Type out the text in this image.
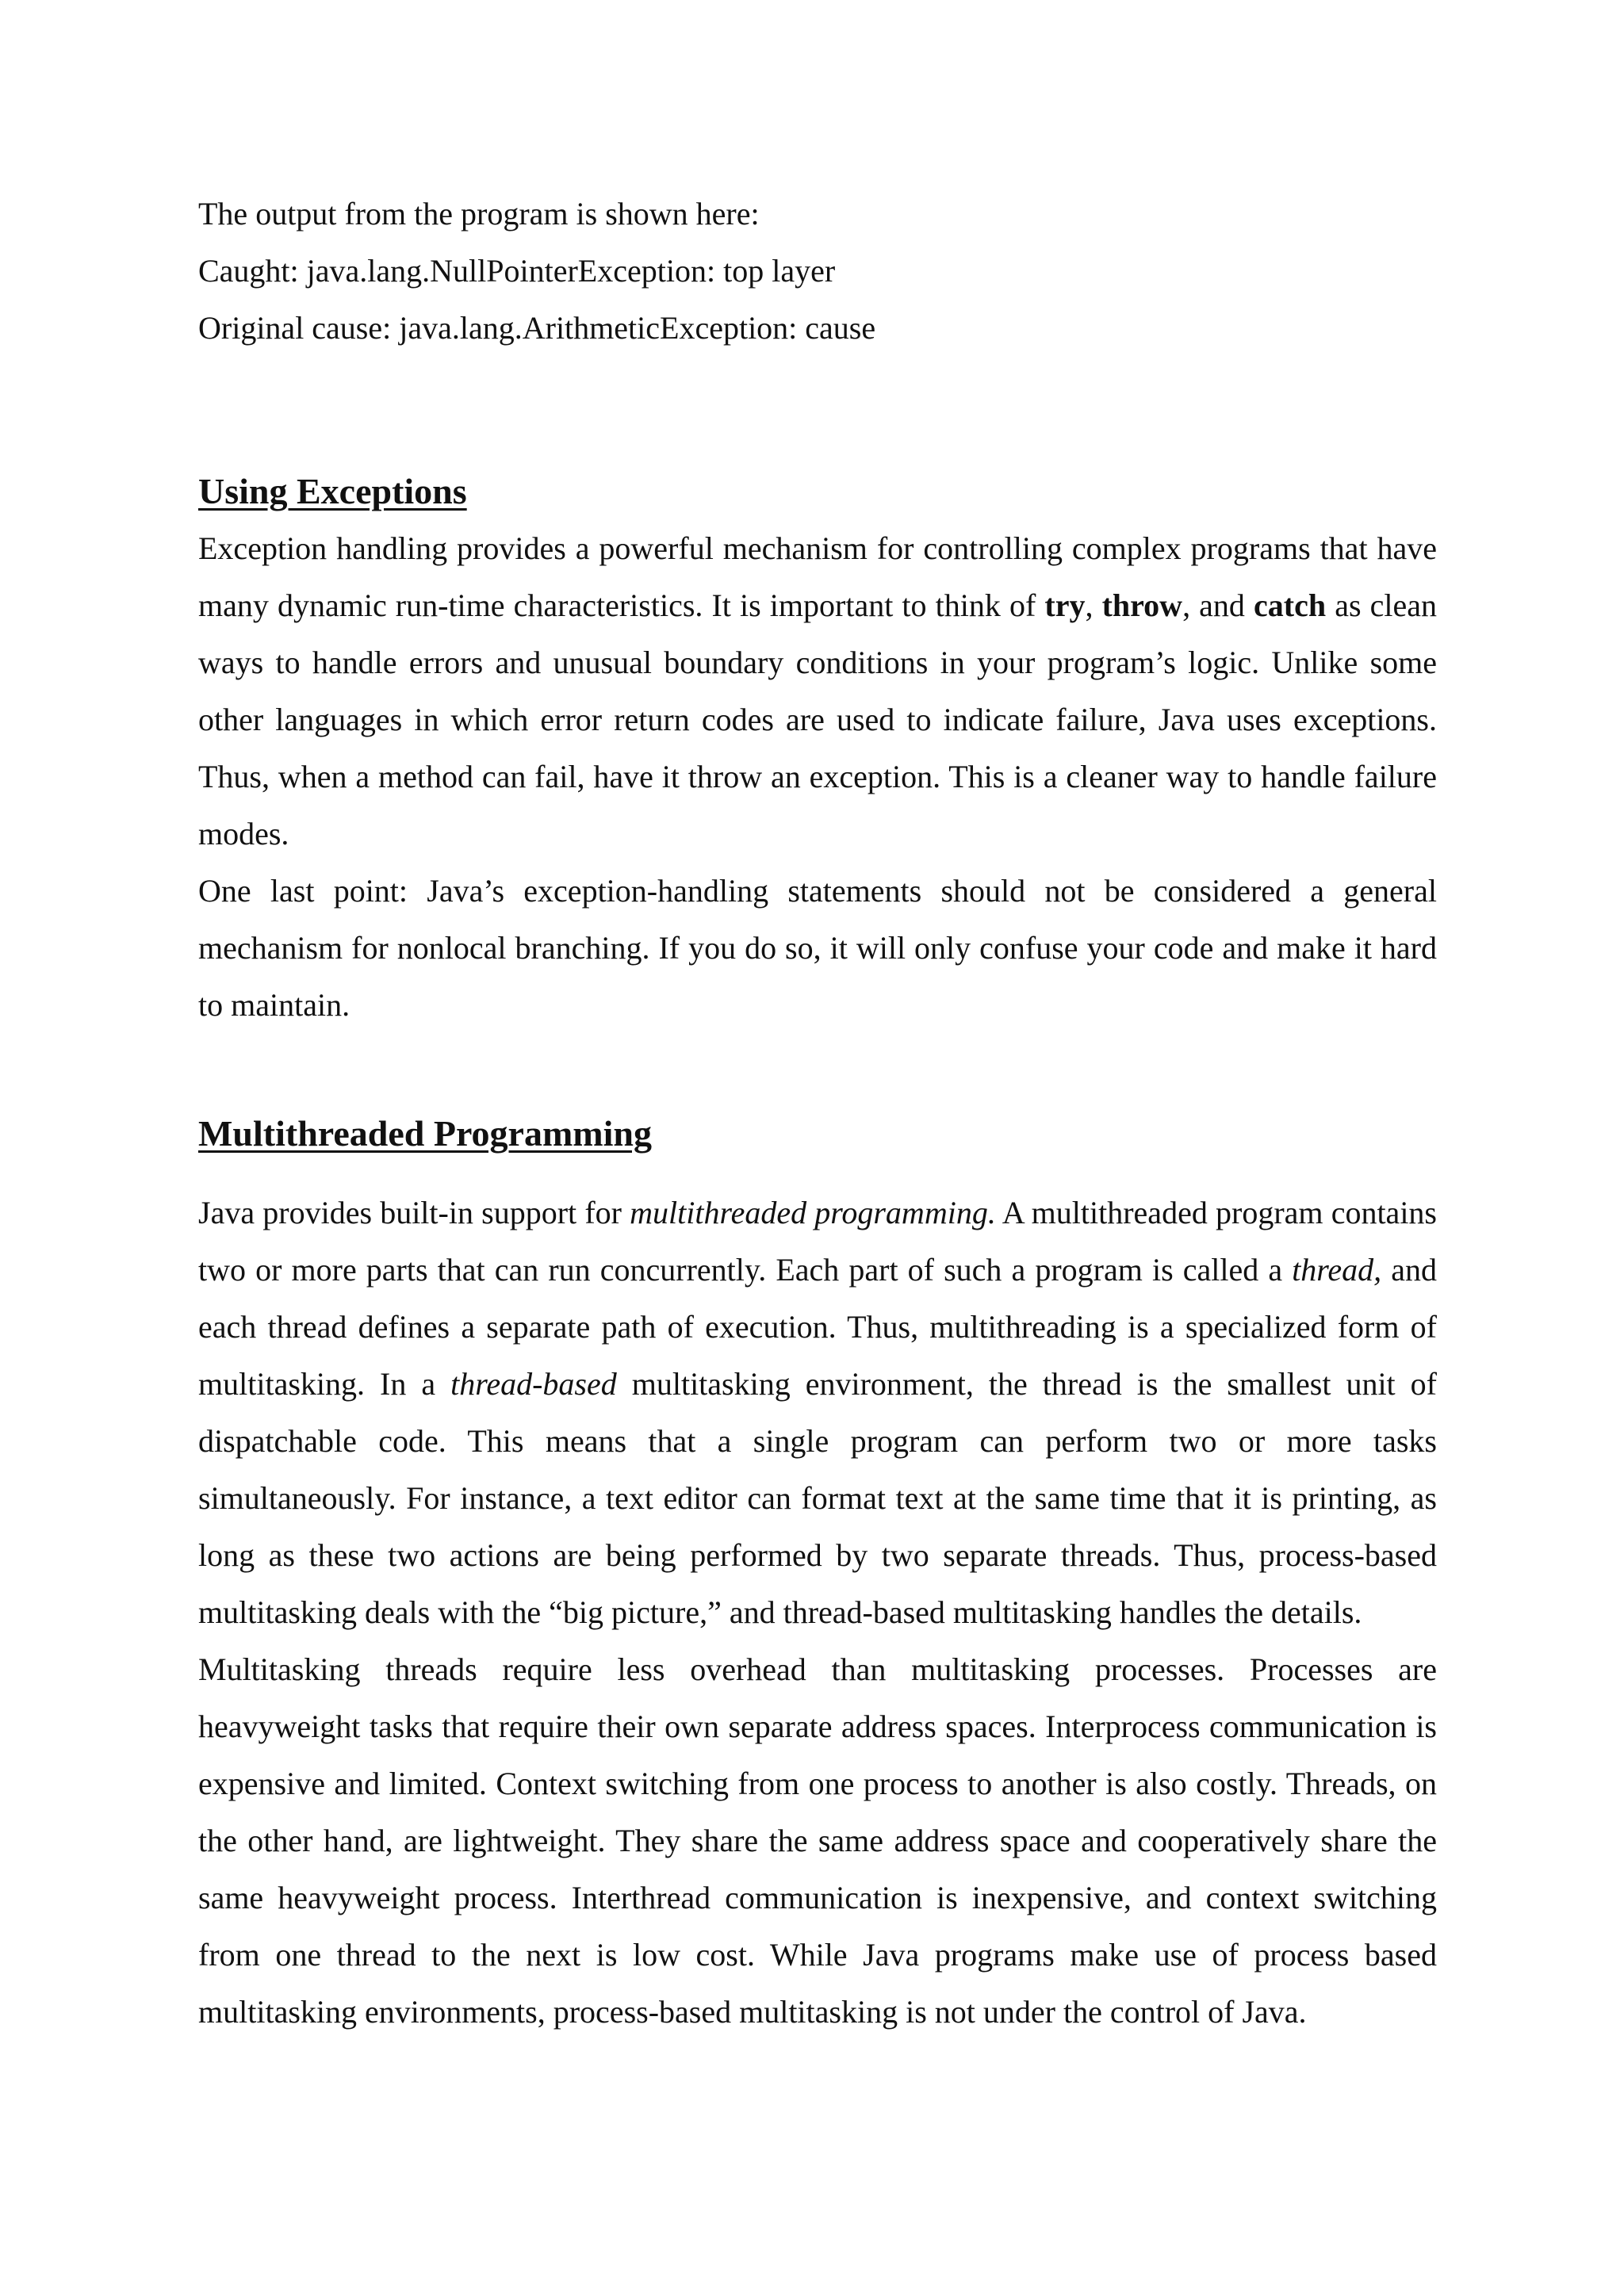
The output from the program is shown here:

Caught: java.lang.NullPointerException: top layer

Original cause: java.lang.ArithmeticException: cause

Using Exceptions

Exception handling provides a powerful mechanism for controlling complex programs that have many dynamic run-time characteristics. It is important to think of try, throw, and catch as clean ways to handle errors and unusual boundary conditions in your program’s logic. Unlike some other languages in which error return codes are used to indicate failure, Java uses exceptions. Thus, when a method can fail, have it throw an exception. This is a cleaner way to handle failure modes.

One last point: Java’s exception-handling statements should not be considered a general mechanism for nonlocal branching. If you do so, it will only confuse your code and make it hard to maintain.

Multithreaded Programming

Java provides built-in support for multithreaded programming. A multithreaded program contains two or more parts that can run concurrently. Each part of such a program is called a thread, and each thread defines a separate path of execution. Thus, multithreading is a specialized form of multitasking. In a thread-based multitasking environment, the thread is the smallest unit of dispatchable code. This means that a single program can perform two or more tasks simultaneously. For instance, a text editor can format text at the same time that it is printing, as long as these two actions are being performed by two separate threads. Thus, process-based multitasking deals with the “big picture,” and thread-based multitasking handles the details.

Multitasking threads require less overhead than multitasking processes. Processes are heavyweight tasks that require their own separate address spaces. Interprocess communication is expensive and limited. Context switching from one process to another is also costly. Threads, on the other hand, are lightweight. They share the same address space and cooperatively share the same heavyweight process. Interthread communication is inexpensive, and context switching from one thread to the next is low cost. While Java programs make use of process based multitasking environments, process-based multitasking is not under the control of Java.
